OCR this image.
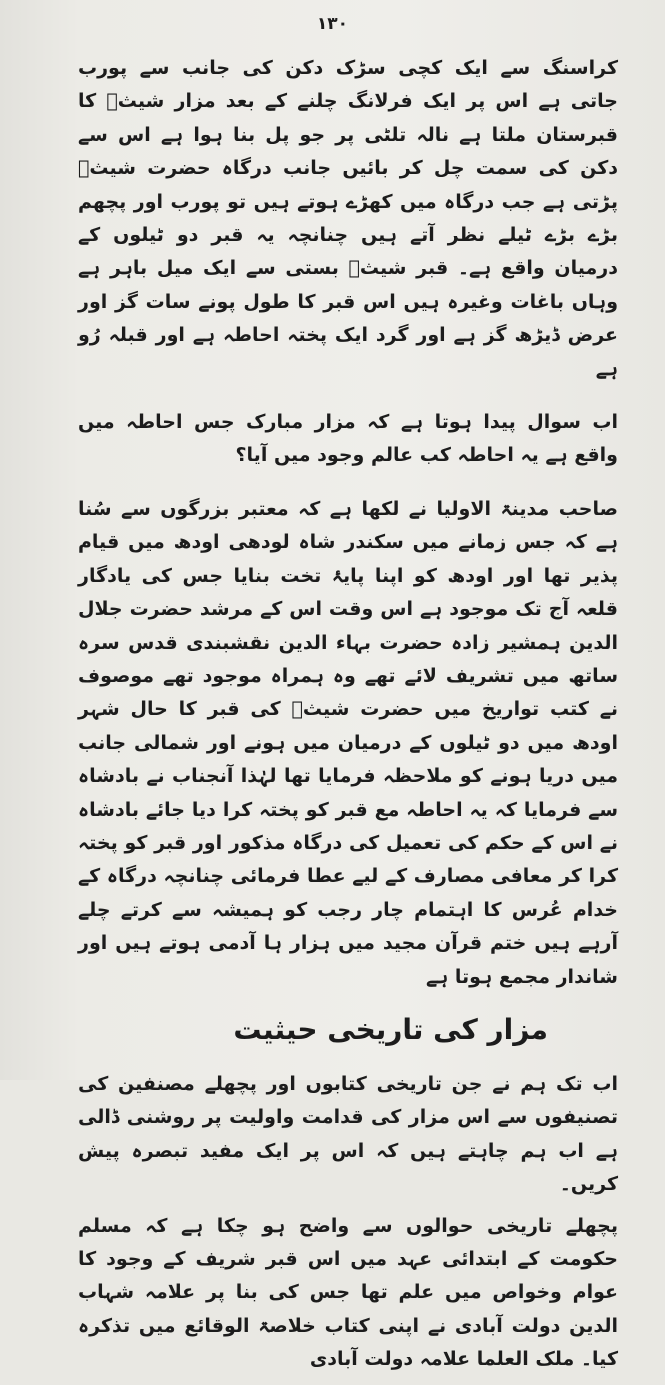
۱۳۰

کراسنگ سے ایک کچی سڑک دکن کی جانب سے پورب جاتی ہے اس پر ایک فرلانگ چلنے کے بعد مزار شیثؑ کا قبرستان ملتا ہے نالہ تلٹی پر جو پل بنا ہوا ہے اس سے دکن کی سمت چل کر بائیں جانب درگاہ حضرت شیثؑ پڑتی ہے جب درگاہ میں کھڑے ہوتے ہیں تو پورب اور پچھم بڑے بڑے ٹیلے نظر آتے ہیں چنانچہ یہ قبر دو ٹیلوں کے درمیان واقع ہے۔ قبر شیثؑ بستی سے ایک میل باہر ہے وہاں باغات وغیرہ ہیں اس قبر کا طول پونے سات گز اور عرض ڈیڑھ گز ہے اور گرد ایک پختہ احاطہ ہے اور قبلہ رُو ہے

اب سوال پیدا ہوتا ہے کہ مزار مبارک جس احاطہ میں واقع ہے یہ احاطہ کب عالم وجود میں آیا؟

صاحب مدینۃ الاولیا نے لکھا ہے کہ معتبر بزرگوں سے سُنا ہے کہ جس زمانے میں سکندر شاہ لودھی اودھ میں قیام پذیر تھا اور اودھ کو اپنا پایۂ تخت بنایا جس کی یادگار قلعہ آج تک موجود ہے اس وقت اس کے مرشد حضرت جلال الدین ہمشیر زادہ حضرت بہاء الدین نقشبندی قدس سرہ ساتھ میں تشریف لائے تھے وہ ہمراہ موجود تھے موصوف نے کتب تواریخ میں حضرت شیثؑ کی قبر کا حال شہر اودھ میں دو ٹیلوں کے درمیان میں ہونے اور شمالی جانب میں دریا ہونے کو ملاحظہ فرمایا تھا لہٰذا آنجناب نے بادشاہ سے فرمایا کہ یہ احاطہ مع قبر کو پختہ کرا دیا جائے بادشاہ نے اس کے حکم کی تعمیل کی درگاہ مذکور اور قبر کو پختہ کرا کر معافی مصارف کے لیے عطا فرمائی چنانچہ درگاہ کے خدام عُرس کا اہتمام چار رجب کو ہمیشہ سے کرتے چلے آرہے ہیں ختم قرآن مجید میں ہزار ہا آدمی ہوتے ہیں اور شاندار مجمع ہوتا ہے

مزار کی تاریخی حیثیت

اب تک ہم نے جن تاریخی کتابوں اور پچھلے مصنفین کی تصنیفوں سے اس مزار کی قدامت واولیت پر روشنی ڈالی ہے اب ہم چاہتے ہیں کہ اس پر ایک مفید تبصرہ پیش کریں۔

پچھلے تاریخی حوالوں سے واضح ہو چکا ہے کہ مسلم حکومت کے ابتدائی عہد میں اس قبر شریف کے وجود کا عوام وخواص میں علم تھا جس کی بنا پر علامہ شہاب الدین دولت آبادی نے اپنی کتاب خلاصۃ الوقائع میں تذکرہ کیا۔ ملک العلما علامہ دولت آبادی
